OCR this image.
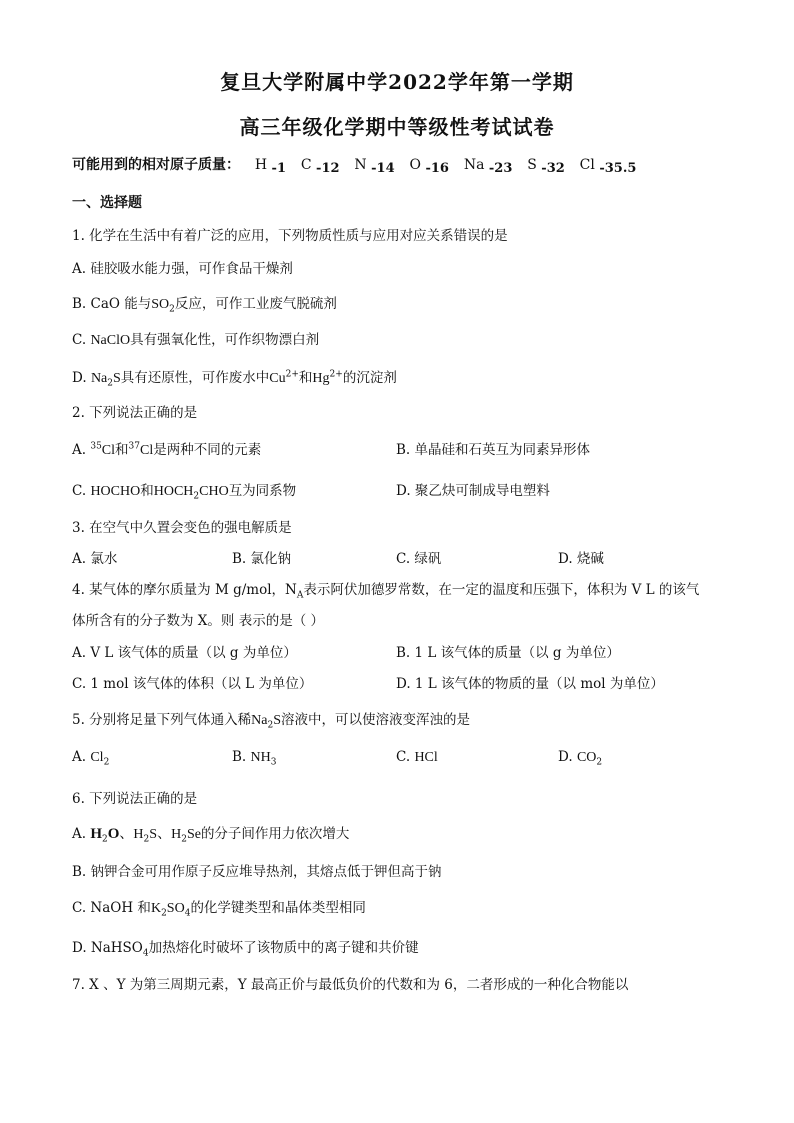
复旦大学附属中学2022学年第一学期
高三年级化学期中等级性考试试卷
可能用到的相对原子质量： H -1 C -12 N -14 O -16 Na -23 S -32 Cl -35.5
一、选择题
1. 化学在生活中有着广泛的应用，下列物质性质与应用对应关系错误的是
A. 硅胶吸水能力强，可作食品干燥剂
B. CaO 能与$SO_2$反应，可作工业废气脱硫剂
C. NaClO具有强氧化性，可作织物漂白剂
D. $Na_2S$具有还原性，可作废水中$Cu^{2+}$和$Hg^{2+}$的沉淀剂
2. 下列说法正确的是
A. $^{35}$Cl和$^{37}$Cl是两种不同的元素	B. 单晶硅和石英互为同素异形体
C. HOCHO和$HOCH_2CHO$互为同系物	D. 聚乙炔可制成导电塑料
3. 在空气中久置会变色的强电解质是
A. 氯水	B. 氯化钠	C. 绿矾	D. 烧碱
4. 某气体的摩尔质量为 M g/mol，$N_A$表示阿伏加德罗常数，在一定的温度和压强下，体积为 V L 的该气
体所含有的分子数为 X。则 表示的是（ ）
A. V L 该气体的质量（以 g 为单位）	B. 1 L 该气体的质量（以 g 为单位）
C. 1 mol 该气体的体积（以 L 为单位）	D. 1 L 该气体的物质的量（以 mol 为单位）
5. 分别将足量下列气体通入稀$Na_2S$溶液中，可以使溶液变浑浊的是
A. $Cl_2$	B. $NH_3$	C. HCl	D. $CO_2$
6. 下列说法正确的是
A. $H_2O$、$H_2S$、$H_2Se$的分子间作用力依次增大
B. 钠钾合金可用作原子反应堆导热剂，其熔点低于钾但高于钠
C. NaOH 和$K_2SO_4$的化学键类型和晶体类型相同
D. NaHSO$_4$加热熔化时破坏了该物质中的离子键和共价键
7. X 、Y 为第三周期元素，Y 最高正价与最低负价的代数和为 6，二者形成的一种化合物能以
